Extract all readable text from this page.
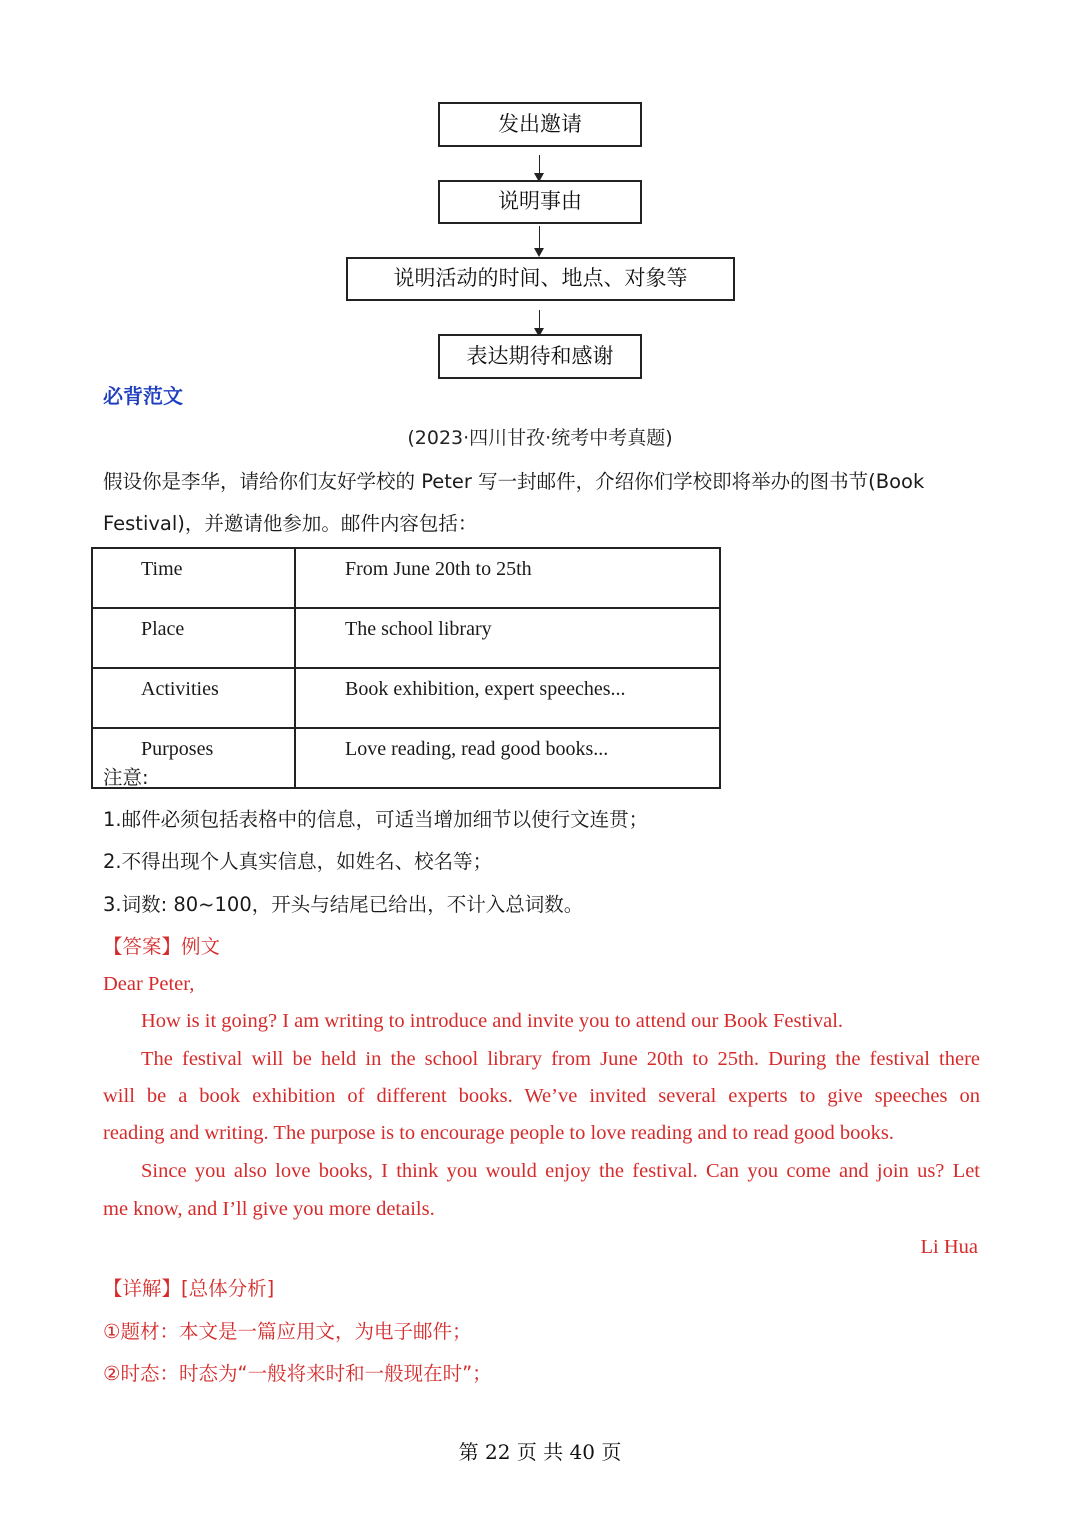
发出邀请
说明事由
说明活动的时间、地点、对象等
表达期待和感谢
必背范文
(2023·四川甘孜·统考中考真题)
假设你是李华，请给你们友好学校的 Peter 写一封邮件，介绍你们学校即将举办的图书节(Book
Festival)，并邀请他参加。邮件内容包括：
Time	From June 20th to 25th
Place	The school library
Activities	Book exhibition, expert speeches...
Purposes	Love reading, read good books...
注意:
1.邮件必须包括表格中的信息，可适当增加细节以使行文连贯；
2.不得出现个人真实信息，如姓名、校名等；
3.词数: 80~100，开头与结尾已给出，不计入总词数。
【答案】例文
Dear Peter,
How is it going? I am writing to introduce and invite you to attend our Book Festival.
The festival will be held in the school library from June 20th to 25th. During the festival there
will be a book exhibition of different books. We’ve invited several experts to give speeches on
reading and writing. The purpose is to encourage people to love reading and to read good books.
Since you also love books, I think you would enjoy the festival. Can you come and join us? Let
me know, and I’ll give you more details.
Li Hua
【详解】[总体分析]
①题材：本文是一篇应用文，为电子邮件；
②时态：时态为“一般将来时和一般现在时”；
第 22 页 共 40 页
